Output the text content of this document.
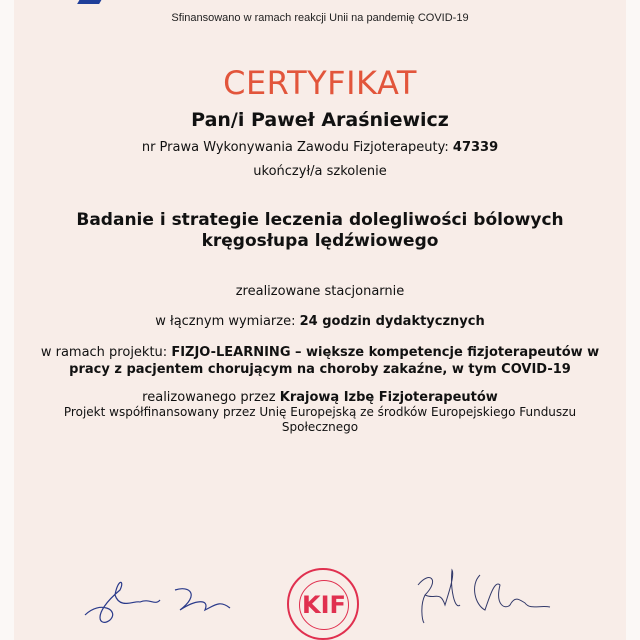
Sfinansowano w ramach reakcji Unii na pandemię COVID-19
CERTYFIKAT
Pan/i Paweł Araśniewicz
nr Prawa Wykonywania Zawodu Fizjoterapeuty: 47339
ukończył/a szkolenie
Badanie i strategie leczenia dolegliwości bólowych kręgosłupa lędźwiowego
zrealizowane stacjonarnie
w łącznym wymiarze: 24 godzin dydaktycznych
w ramach projektu: FIZJO-LEARNING – większe kompetencje fizjoterapeutów w pracy z pacjentem chorującym na choroby zakaźne, w tym COVID-19
realizowanego przez Krajową Izbę Fizjoterapeutów
Projekt współfinansowany przez Unię Europejską ze środków Europejskiego Funduszu Społecznego
KIF
